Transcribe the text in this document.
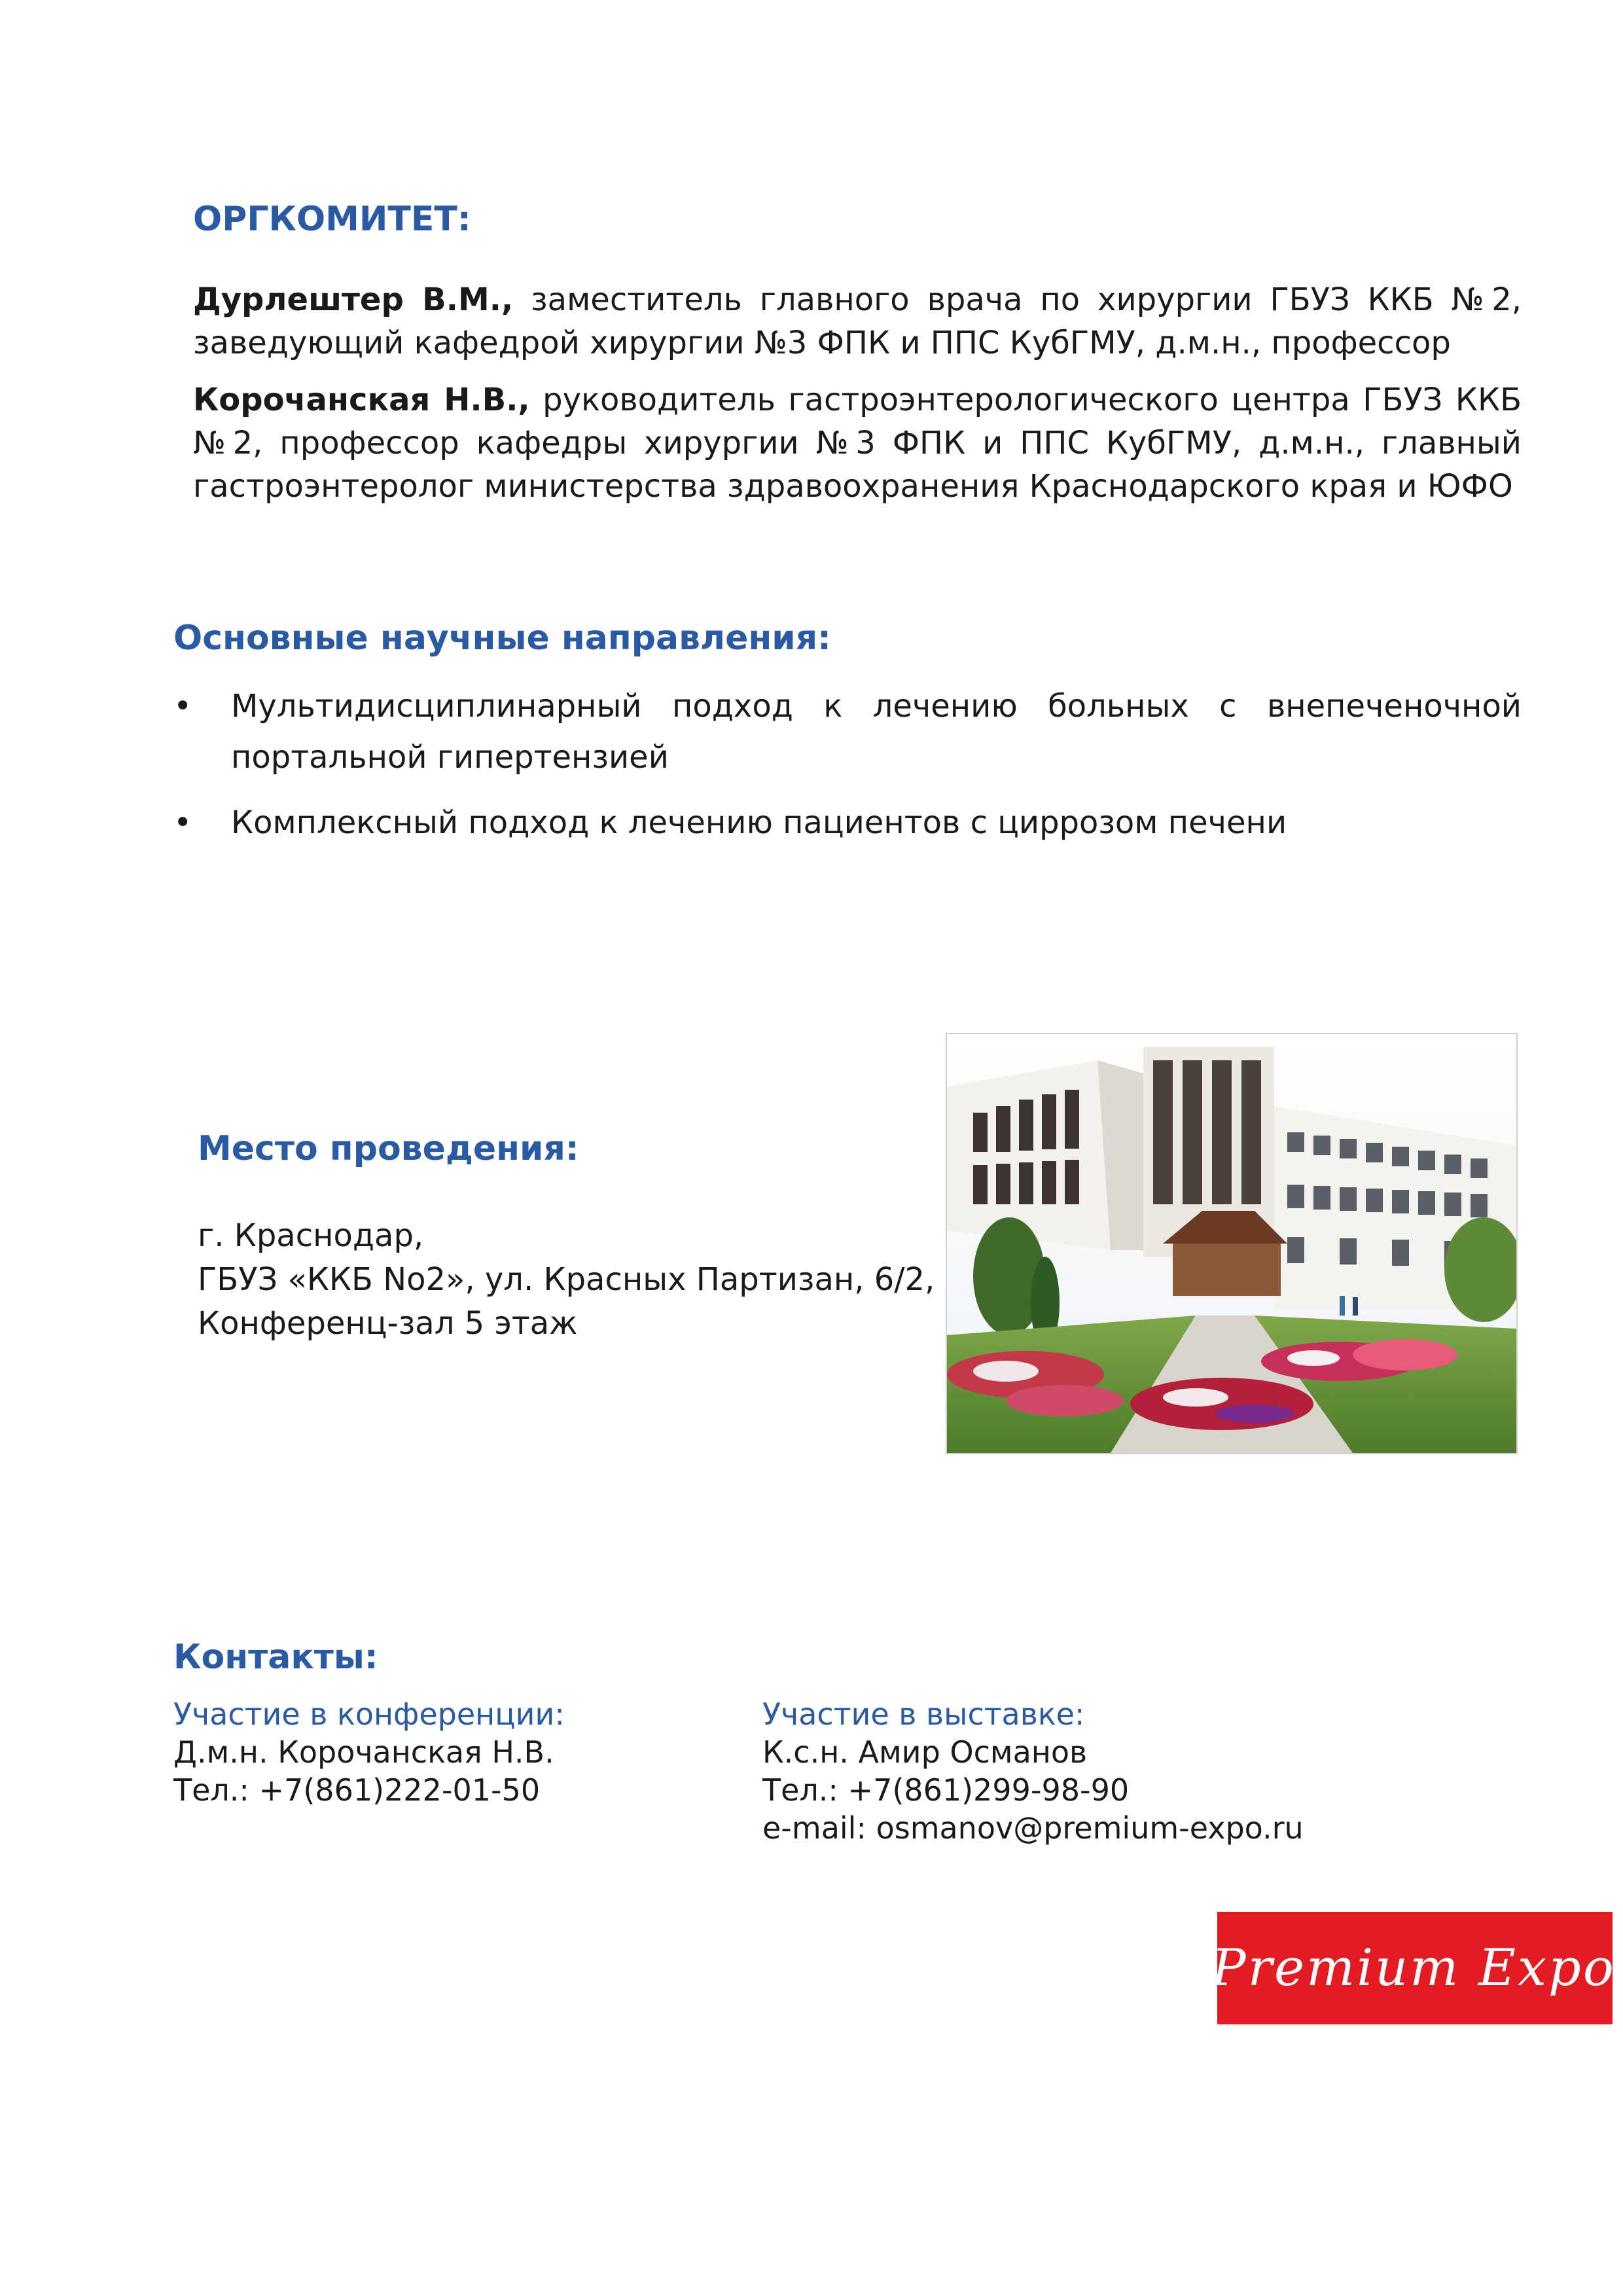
ОРГКОМИТЕТ:
Дурлештер В.М., заместитель главного врача по хирургии ГБУЗ ККБ №2, заведующий кафедрой хирургии №3 ФПК и ППС КубГМУ, д.м.н., профессор
Корочанская Н.В., руководитель гастроэнтерологического центра ГБУЗ ККБ №2, профессор кафедры хирургии №3 ФПК и ППС КубГМУ, д.м.н., главный гастроэнтеролог министерства здравоохранения Краснодарского края и ЮФО
Основные научные направления:
•	Мультидисциплинарный подход к лечению больных с внепеченочной портальной гипертензией
•	Комплексный подход к лечению пациентов с циррозом печени
Место проведения:
г. Краснодар,
ГБУЗ «ККБ No2», ул. Красных Партизан, 6/2,
Конференц-зал 5 этаж
Контакты:
Участие в конференции:
Д.м.н. Корочанская Н.В.
Тел.: +7(861)222-01-50
Участие в выставке:
К.с.н. Амир Османов
Тел.: +7(861)299-98-90
e-mail: osmanov@premium-expo.ru
Premium Expo
